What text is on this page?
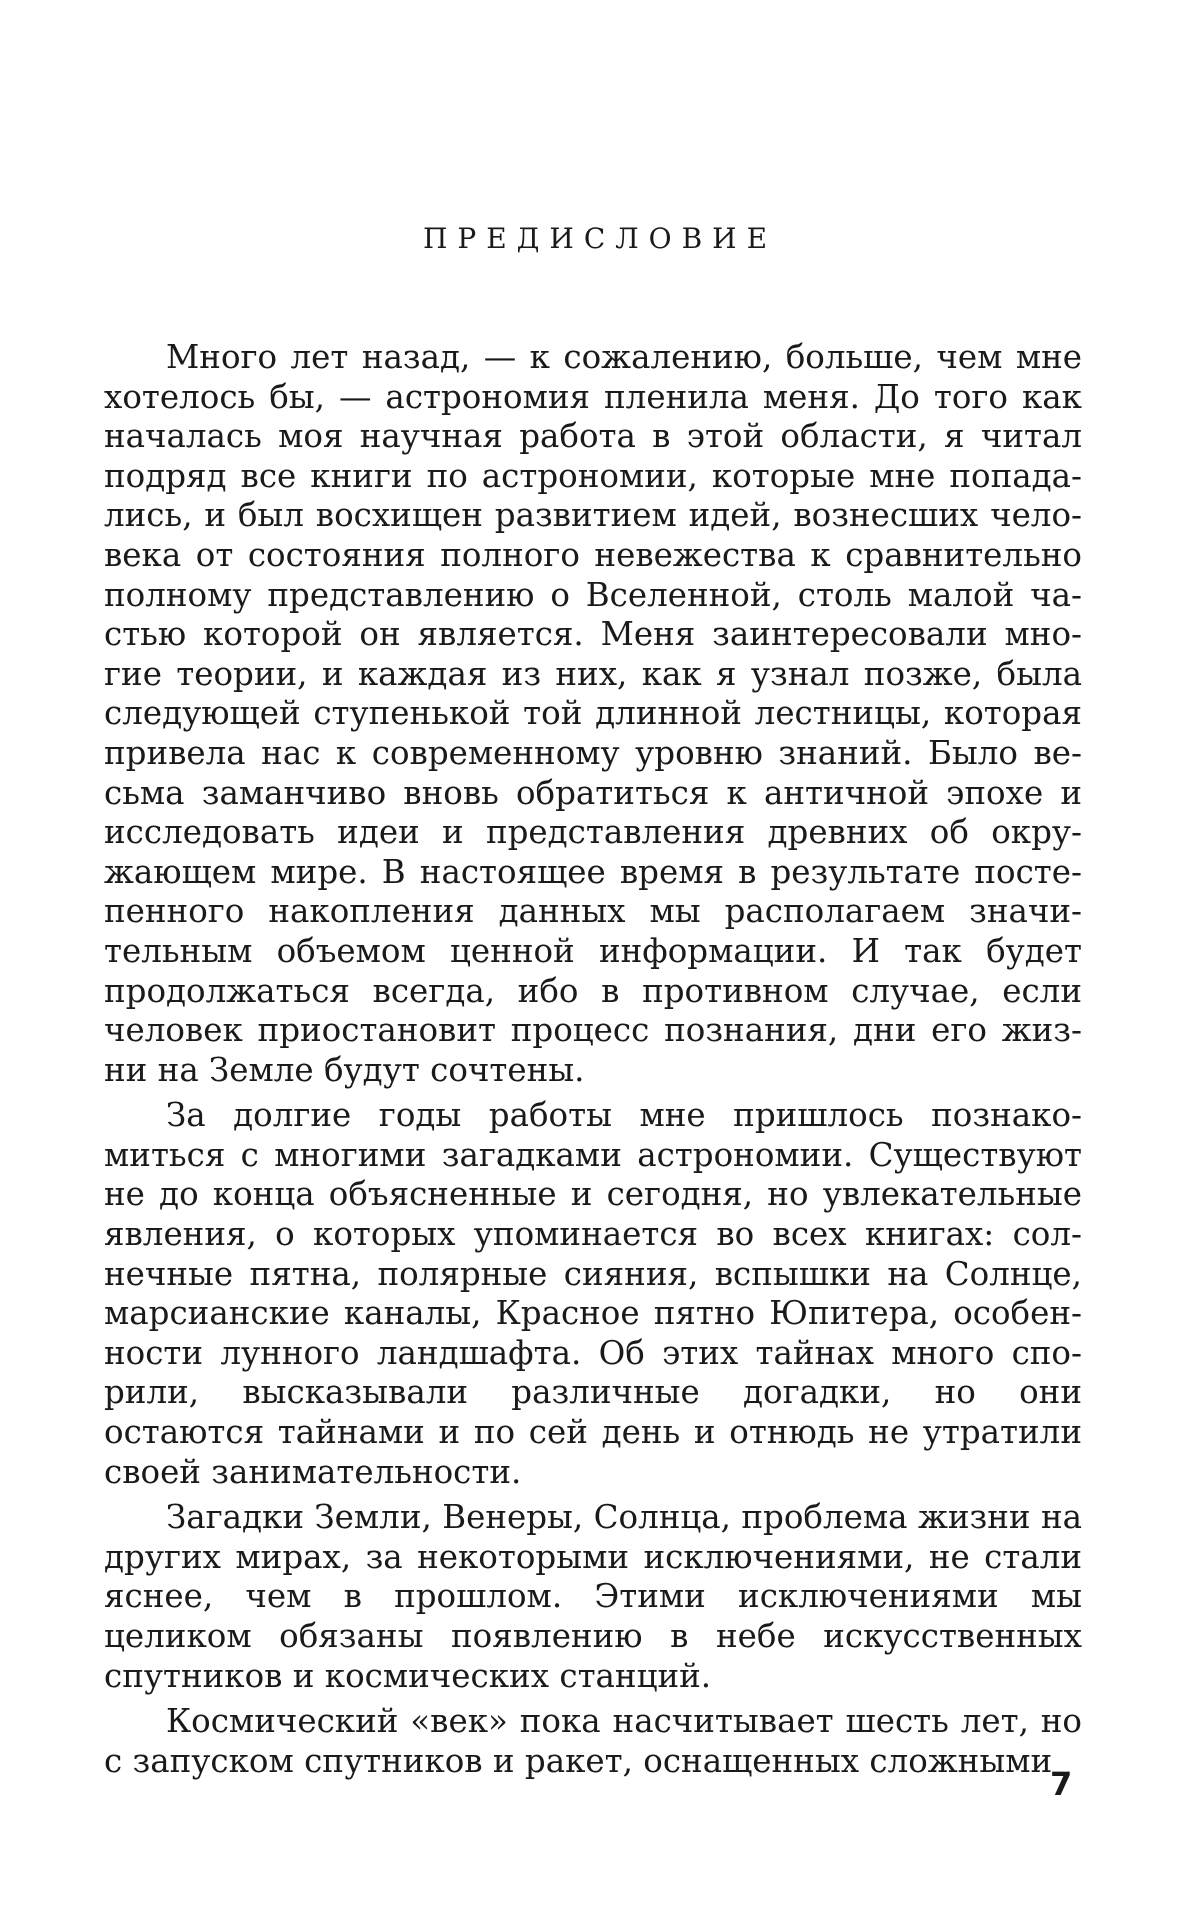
ПРЕДИСЛОВИЕ

Много лет назад, — к сожалению, больше, чем мне хотелось бы, — астрономия пленила меня. До того как началась моя научная работа в этой области, я читал подряд все книги по астрономии, которые мне попадались, и был восхищен развитием идей, вознесших человека от состояния полного невежества к сравнительно полному представлению о Вселенной, столь малой частью которой он является. Меня заинтересовали многие теории, и каждая из них, как я узнал позже, была следующей ступенькой той длинной лестницы, которая привела нас к современному уровню знаний. Было весьма заманчиво вновь обратиться к античной эпохе и исследовать идеи и представления древних об окружающем мире. В настоящее время в результате постепенного накопления данных мы располагаем значительным объемом ценной информации. И так будет продолжаться всегда, ибо в противном случае, если человек приостановит процесс познания, дни его жизни на Земле будут сочтены.

За долгие годы работы мне пришлось познакомиться с многими загадками астрономии. Существуют не до конца объясненные и сегодня, но увлекательные явления, о которых упоминается во всех книгах: солнечные пятна, полярные сияния, вспышки на Солнце, марсианские каналы, Красное пятно Юпитера, особенности лунного ландшафта. Об этих тайнах много спорили, высказывали различные догадки, но они остаются тайнами и по сей день и отнюдь не утратили своей занимательности.

Загадки Земли, Венеры, Солнца, проблема жизни на других мирах, за некоторыми исключениями, не стали яснее, чем в прошлом. Этими исключениями мы целиком обязаны появлению в небе искусственных спутников и космических станций.

Космический «век» пока насчитывает шесть лет, но с запуском спутников и ракет, оснащенных сложными

7
